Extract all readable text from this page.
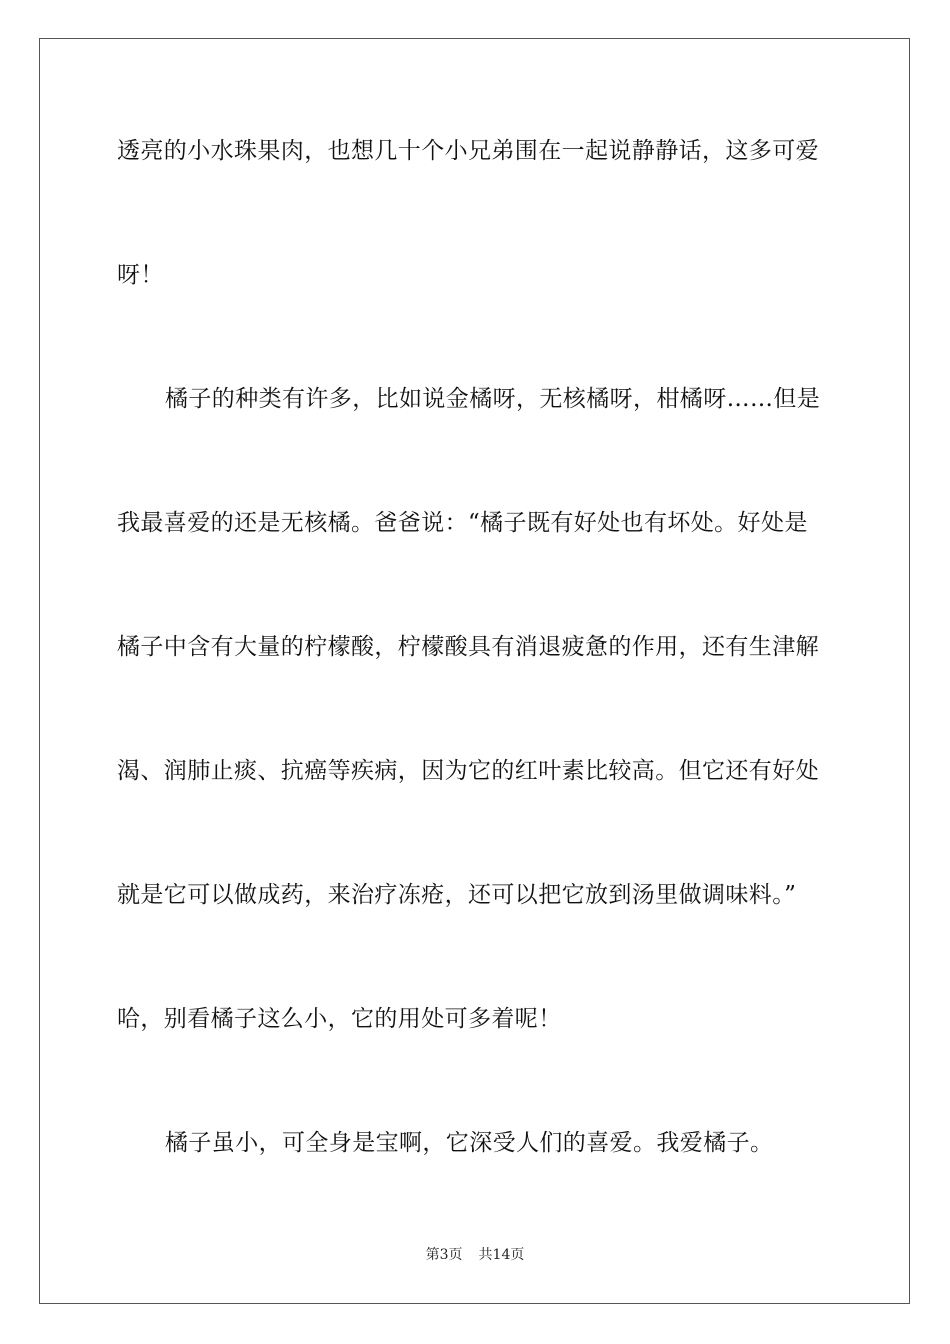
透亮的小水珠果肉，也想几十个小兄弟围在一起说静静话，这多可爱
呀！
橘子的种类有许多，比如说金橘呀，无核橘呀，柑橘呀……但是
我最喜爱的还是无核橘。爸爸说：“橘子既有好处也有坏处。好处是
橘子中含有大量的柠檬酸，柠檬酸具有消退疲惫的作用，还有生津解
渴、润肺止痰、抗癌等疾病，因为它的红叶素比较高。但它还有好处
就是它可以做成药，来治疗冻疮，还可以把它放到汤里做调味料。”
哈，别看橘子这么小，它的用处可多着呢！
橘子虽小，可全身是宝啊，它深受人们的喜爱。我爱橘子。
第3页 共14页
